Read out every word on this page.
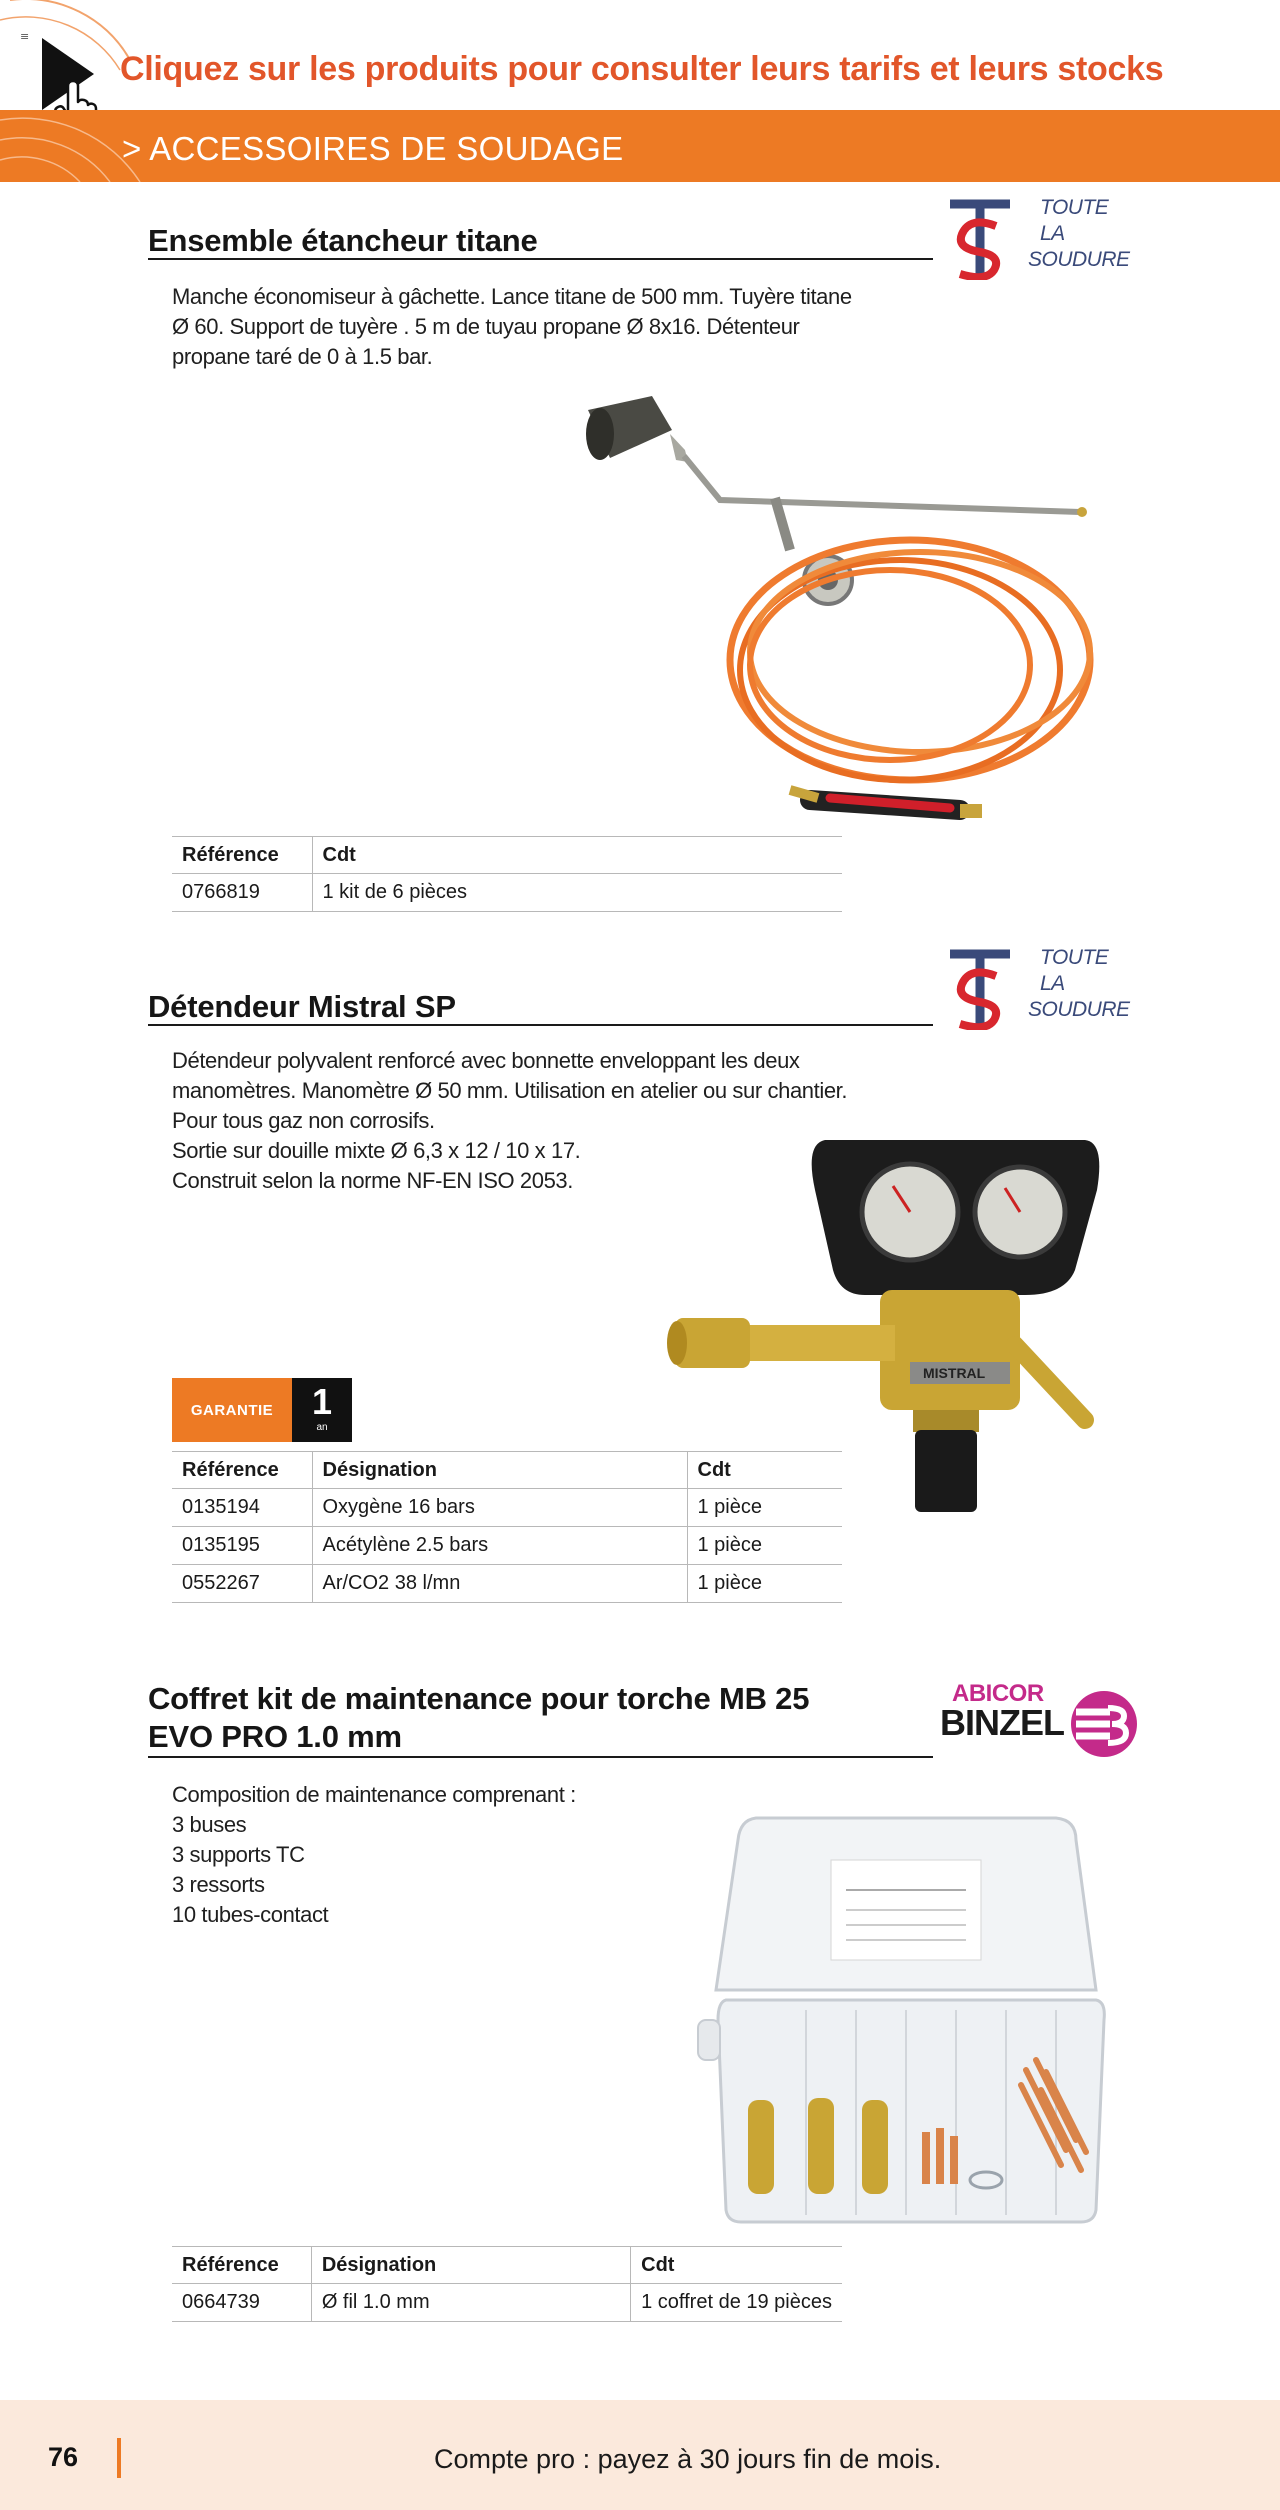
≡
Cliquez sur les produits pour consulter leurs tarifs et leurs stocks
> ACCESSOIRES DE SOUDAGE
Ensemble étancheur titane
TOUTE
LA
SOUDURE
Manche économiseur à gâchette. Lance titane de 500 mm. Tuyère titane
Ø 60. Support de tuyère . 5 m de tuyau propane Ø 8x16. Détenteur
propane taré de 0 à 1.5 bar.
Référence	Cdt
0766819	1 kit de 6 pièces
Détendeur Mistral SP
TOUTE
LA
SOUDURE
Détendeur polyvalent renforcé avec bonnette enveloppant les deux
manomètres. Manomètre Ø 50 mm. Utilisation en atelier ou sur chantier.
Pour tous gaz non corrosifs.
Sortie sur douille mixte Ø 6,3 x 12 / 10 x 17.
Construit selon la norme NF-EN ISO 2053.
MISTRAL
GARANTIE	1
an
Référence	Désignation	Cdt
0135194	Oxygène 16 bars	1 pièce
0135195	Acétylène 2.5 bars	1 pièce
0552267	Ar/CO2 38 l/mn	1 pièce
Coffret kit de maintenance pour torche MB 25
EVO PRO 1.0 mm
ABICOR
BINZEL
Composition de maintenance comprenant :
3 buses
3 supports TC
3 ressorts
10 tubes-contact
Référence	Désignation	Cdt
0664739	Ø fil 1.0 mm	1 coffret de 19 pièces
76	Compte pro : payez à 30 jours fin de mois.
